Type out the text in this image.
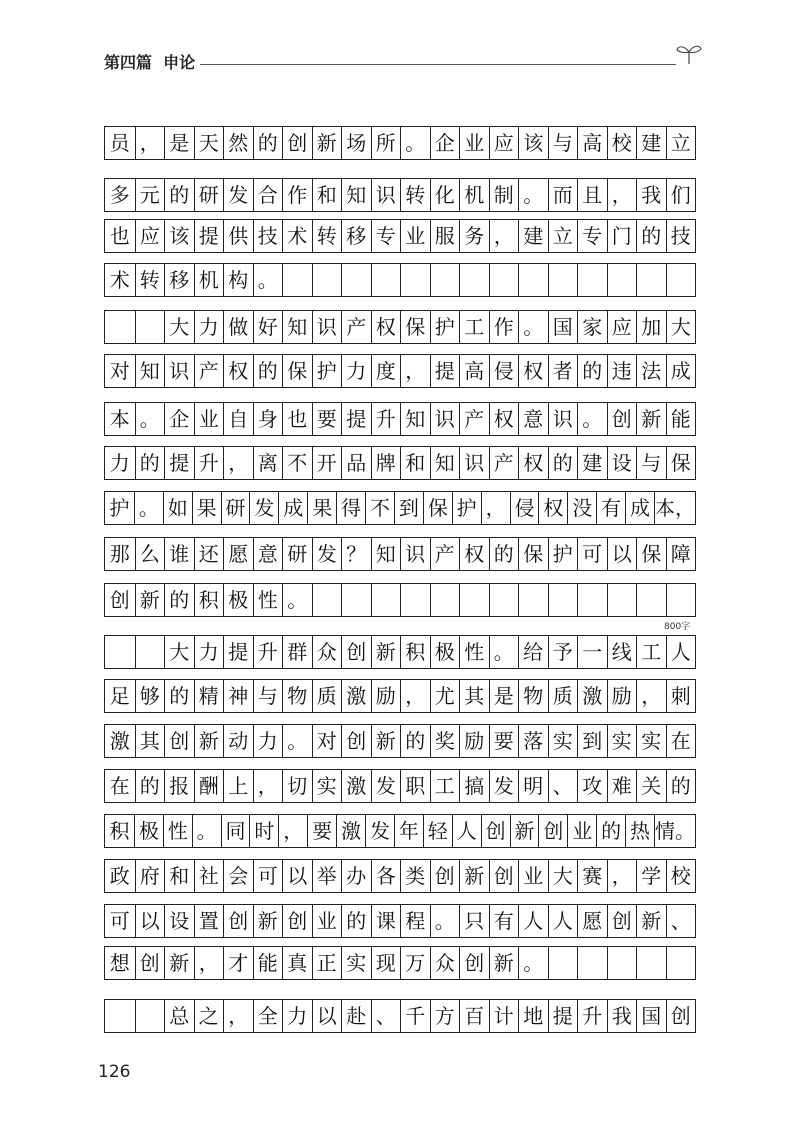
第四篇 申论
员 ， 是 天 然 的 创 新 场 所 。 企 业 应 该 与 高 校 建 立
多 元 的 研 发 合 作 和 知 识 转 化 机 制 。 而 且 ， 我 们
也 应 该 提 供 技 术 转 移 专 业 服 务 ， 建 立 专 门 的 技
术 转 移 机 构 。
大 力 做 好 知 识 产 权 保 护 工 作 。 国 家 应 加 大
对 知 识 产 权 的 保 护 力 度 ， 提 高 侵 权 者 的 违 法 成
本 。 企 业 自 身 也 要 提 升 知 识 产 权 意 识 。 创 新 能
力 的 提 升 ， 离 不 开 品 牌 和 知 识 产 权 的 建 设 与 保
护 。 如 果 研 发 成 果 得 不 到 保 护 ， 侵 权 没 有 成 本，
那 么 谁 还 愿 意 研 发 ？ 知 识 产 权 的 保 护 可 以 保 障
创 新 的 积 极 性 。
大 力 提 升 群 众 创 新 积 极 性 。 给 予 一 线 工 人
足 够 的 精 神 与 物 质 激 励 ， 尤 其 是 物 质 激 励 ， 刺
激 其 创 新 动 力 。 对 创 新 的 奖 励 要 落 实 到 实 实 在
在 的 报 酬 上 ， 切 实 激 发 职 工 搞 发 明 、 攻 难 关 的
积 极 性 。 同 时 ， 要 激 发 年 轻 人 创 新 创 业 的 热 情。
政 府 和 社 会 可 以 举 办 各 类 创 新 创 业 大 赛 ， 学 校
可 以 设 置 创 新 创 业 的 课 程 。 只 有 人 人 愿 创 新 、
想 创 新 ， 才 能 真 正 实 现 万 众 创 新 。
总 之 ， 全 力 以 赴 、 千 方 百 计 地 提 升 我 国 创
800字
126
